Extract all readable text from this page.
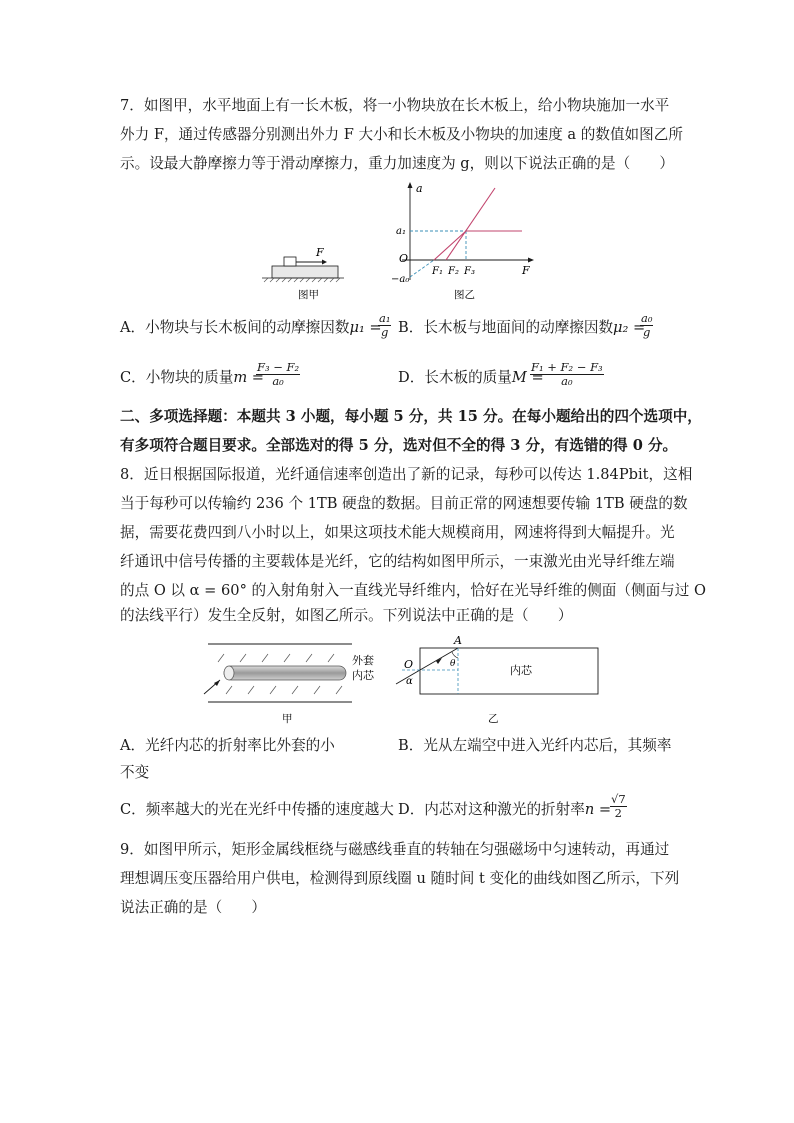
7．如图甲，水平地面上有一长木板，将一小物块放在长木板上，给小物块施加一水平
外力 F，通过传感器分别测出外力 F 大小和长木板及小物块的加速度 a 的数值如图乙所
示。设最大静摩擦力等于滑动摩擦力，重力加速度为 g，则以下说法正确的是（　　）
F
图甲
a
F
O
a₁
−a₀
F₁ F₂ F₃
图乙
A．小物块与长木板间的动摩擦因数μ₁ =
$\frac{\text{a₁}}{g}$ B．长木板与地面间的动摩擦因数μ₂ =
$\frac{\text{a₀}}{g}$
C．小物块的质量m =
$\frac{\text{F₃ − F₂}}{\text{a₀}}$	D．长木板的质量M =
$\frac{\text{F₁ + F₂ − F₃}}{\text{a₀}}$
二、多项选择题：本题共 3 小题，每小题 5 分，共 15 分。在每小题给出的四个选项中，
有多项符合题目要求。全部选对的得 5 分，选对但不全的得 3 分，有选错的得 0 分。
8．近日根据国际报道，光纤通信速率创造出了新的记录，每秒可以传达 1.84Pbit，这相
当于每秒可以传输约 236 个 1TB 硬盘的数据。目前正常的网速想要传输 1TB 硬盘的数
据，需要花费四到八小时以上，如果这项技术能大规模商用，网速将得到大幅提升。光
纤通讯中信号传播的主要载体是光纤，它的结构如图甲所示，一束激光由光导纤维左端
的点 O 以 α = 60° 的入射角射入一直线光导纤维内，恰好在光导纤维的侧面（侧面与过 O
的法线平行）发生全反射，如图乙所示。下列说法中正确的是（　　）
外套
内芯
甲
O
A
α
θ	内芯
乙
A．光纤内芯的折射率比外套的小	B．光从左端空中进入光纤内芯后，其频率
不变
C．频率越大的光在光纤中传播的速度越大 D．内芯对这种激光的折射率n =
$\frac{√7}{2}$
9．如图甲所示，矩形金属线框绕与磁感线垂直的转轴在匀强磁场中匀速转动，再通过
理想调压变压器给用户供电，检测得到原线圈 u 随时间 t 变化的曲线如图乙所示，下列
说法正确的是（　　）
